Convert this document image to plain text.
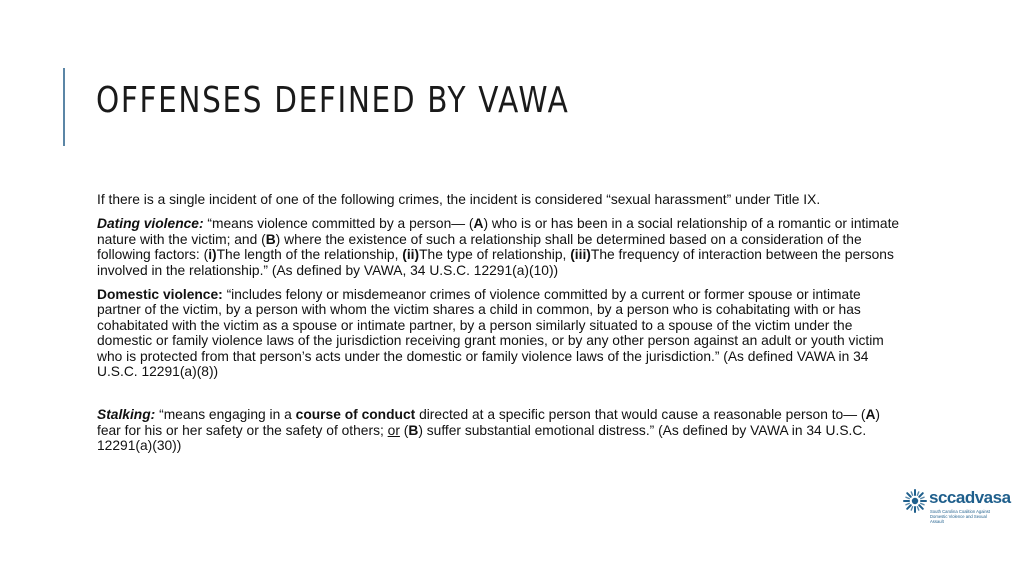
OFFENSES DEFINED BY VAWA

If there is a single incident of one of the following crimes, the incident is considered “sexual harassment” under Title IX.

Dating violence: “means violence committed by a person— (A) who is or has been in a social relationship of a romantic or intimate nature with the victim; and (B) where the existence of such a relationship shall be determined based on a consideration of the following factors: (i)The length of the relationship, (ii)The type of relationship, (iii)The frequency of interaction between the persons involved in the relationship.” (As defined by VAWA, 34 U.S.C. 12291(a)(10))

Domestic violence: “includes felony or misdemeanor crimes of violence committed by a current or former spouse or intimate partner of the victim, by a person with whom the victim shares a child in common, by a person who is cohabitating with or has cohabitated with the victim as a spouse or intimate partner, by a person similarly situated to a spouse of the victim under the domestic or family violence laws of the jurisdiction receiving grant monies, or by any other person against an adult or youth victim who is protected from that person’s acts under the domestic or family violence laws of the jurisdiction.” (As defined VAWA in 34 U.S.C. 12291(a)(8))

Stalking: “means engaging in a course of conduct directed at a specific person that would cause a reasonable person to— (A) fear for his or her safety or the safety of others; or (B) suffer substantial emotional distress.” (As defined by VAWA in 34 U.S.C. 12291(a)(30))

sccadvasa
South Carolina Coalition Against Domestic Violence and Sexual Assault
